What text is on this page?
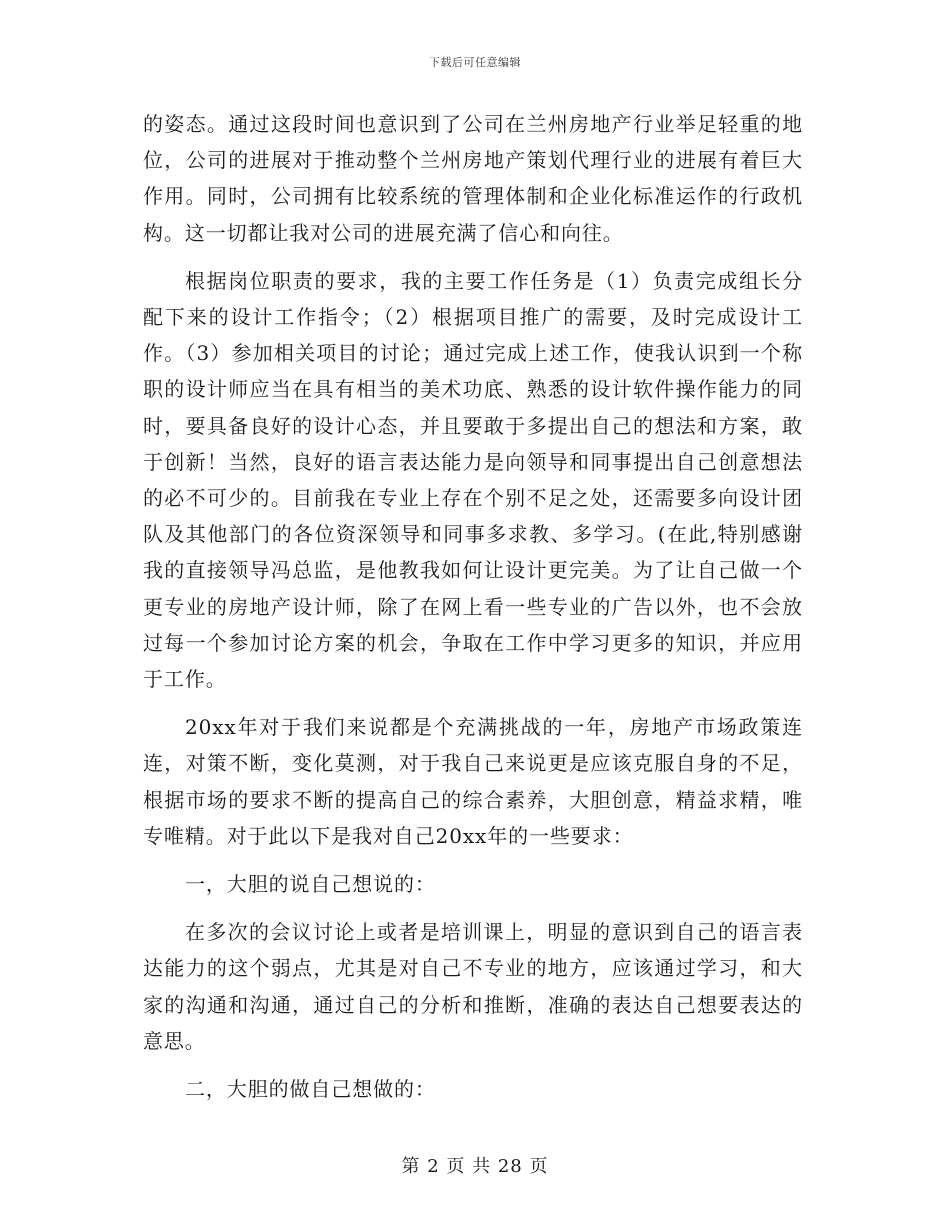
下载后可任意编辑

的姿态。通过这段时间也意识到了公司在兰州房地产行业举足轻重的地位，公司的进展对于推动整个兰州房地产策划代理行业的进展有着巨大作用。同时，公司拥有比较系统的管理体制和企业化标准运作的行政机构。这一切都让我对公司的进展充满了信心和向往。

根据岗位职责的要求，我的主要工作任务是（1）负责完成组长分配下来的设计工作指令；（2）根据项目推广的需要，及时完成设计工作。（3）参加相关项目的讨论；通过完成上述工作，使我认识到一个称职的设计师应当在具有相当的美术功底、熟悉的设计软件操作能力的同时，要具备良好的设计心态，并且要敢于多提出自己的想法和方案，敢于创新！当然，良好的语言表达能力是向领导和同事提出自己创意想法的必不可少的。目前我在专业上存在个别不足之处，还需要多向设计团队及其他部门的各位资深领导和同事多求教、多学习。(在此,特别感谢我的直接领导冯总监，是他教我如何让设计更完美。为了让自己做一个更专业的房地产设计师，除了在网上看一些专业的广告以外，也不会放过每一个参加讨论方案的机会，争取在工作中学习更多的知识，并应用于工作。

20xx年对于我们来说都是个充满挑战的一年，房地产市场政策连连，对策不断，变化莫测，对于我自己来说更是应该克服自身的不足，根据市场的要求不断的提高自己的综合素养，大胆创意，精益求精，唯专唯精。对于此以下是我对自己20xx年的一些要求：

一，大胆的说自己想说的：

在多次的会议讨论上或者是培训课上，明显的意识到自己的语言表达能力的这个弱点，尤其是对自己不专业的地方，应该通过学习，和大家的沟通和沟通，通过自己的分析和推断，准确的表达自己想要表达的意思。

二，大胆的做自己想做的：

第 2 页 共 28 页
